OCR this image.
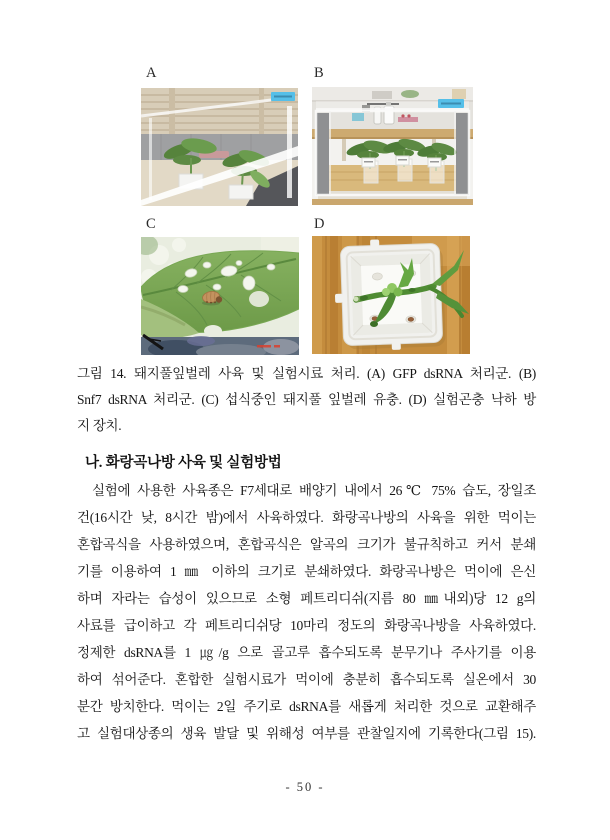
A	B
C	D
그림 14. 돼지풀잎벌레 사육 및 실험시료 처리. (A) GFP dsRNA 처리군. (B)
Snf7 dsRNA 처리군. (C) 섭식중인 돼지풀 잎벌레 유충. (D) 실험곤충 낙하 방
지 장치.
나. 화랑곡나방 사육 및 실험방법
실험에 사용한 사육종은 F7세대로 배양기 내에서 26℃ 75% 습도, 장일조
건(16시간 낮, 8시간 밤)에서 사육하였다. 화랑곡나방의 사육을 위한 먹이는
혼합곡식을 사용하였으며, 혼합곡식은 알곡의 크기가 불규칙하고 커서 분쇄
기를 이용하여 1 ㎜ 이하의 크기로 분쇄하였다. 화랑곡나방은 먹이에 은신
하며 자라는 습성이 있으므로 소형 페트리디쉬(지름 80 ㎜내외)당 12 g의
사료를 급이하고 각 페트리디쉬당 10마리 정도의 화랑곡나방을 사육하였다.
정제한 dsRNA를 1 ㎍/g 으로 골고루 흡수되도록 분무기나 주사기를 이용
하여 섞어준다. 혼합한 실험시료가 먹이에 충분히 흡수되도록 실온에서 30
분간 방치한다. 먹이는 2일 주기로 dsRNA를 새롭게 처리한 것으로 교환해주
고 실험대상종의 생육 발달 및 위해성 여부를 관찰일지에 기록한다(그림 15).
- 50 -
